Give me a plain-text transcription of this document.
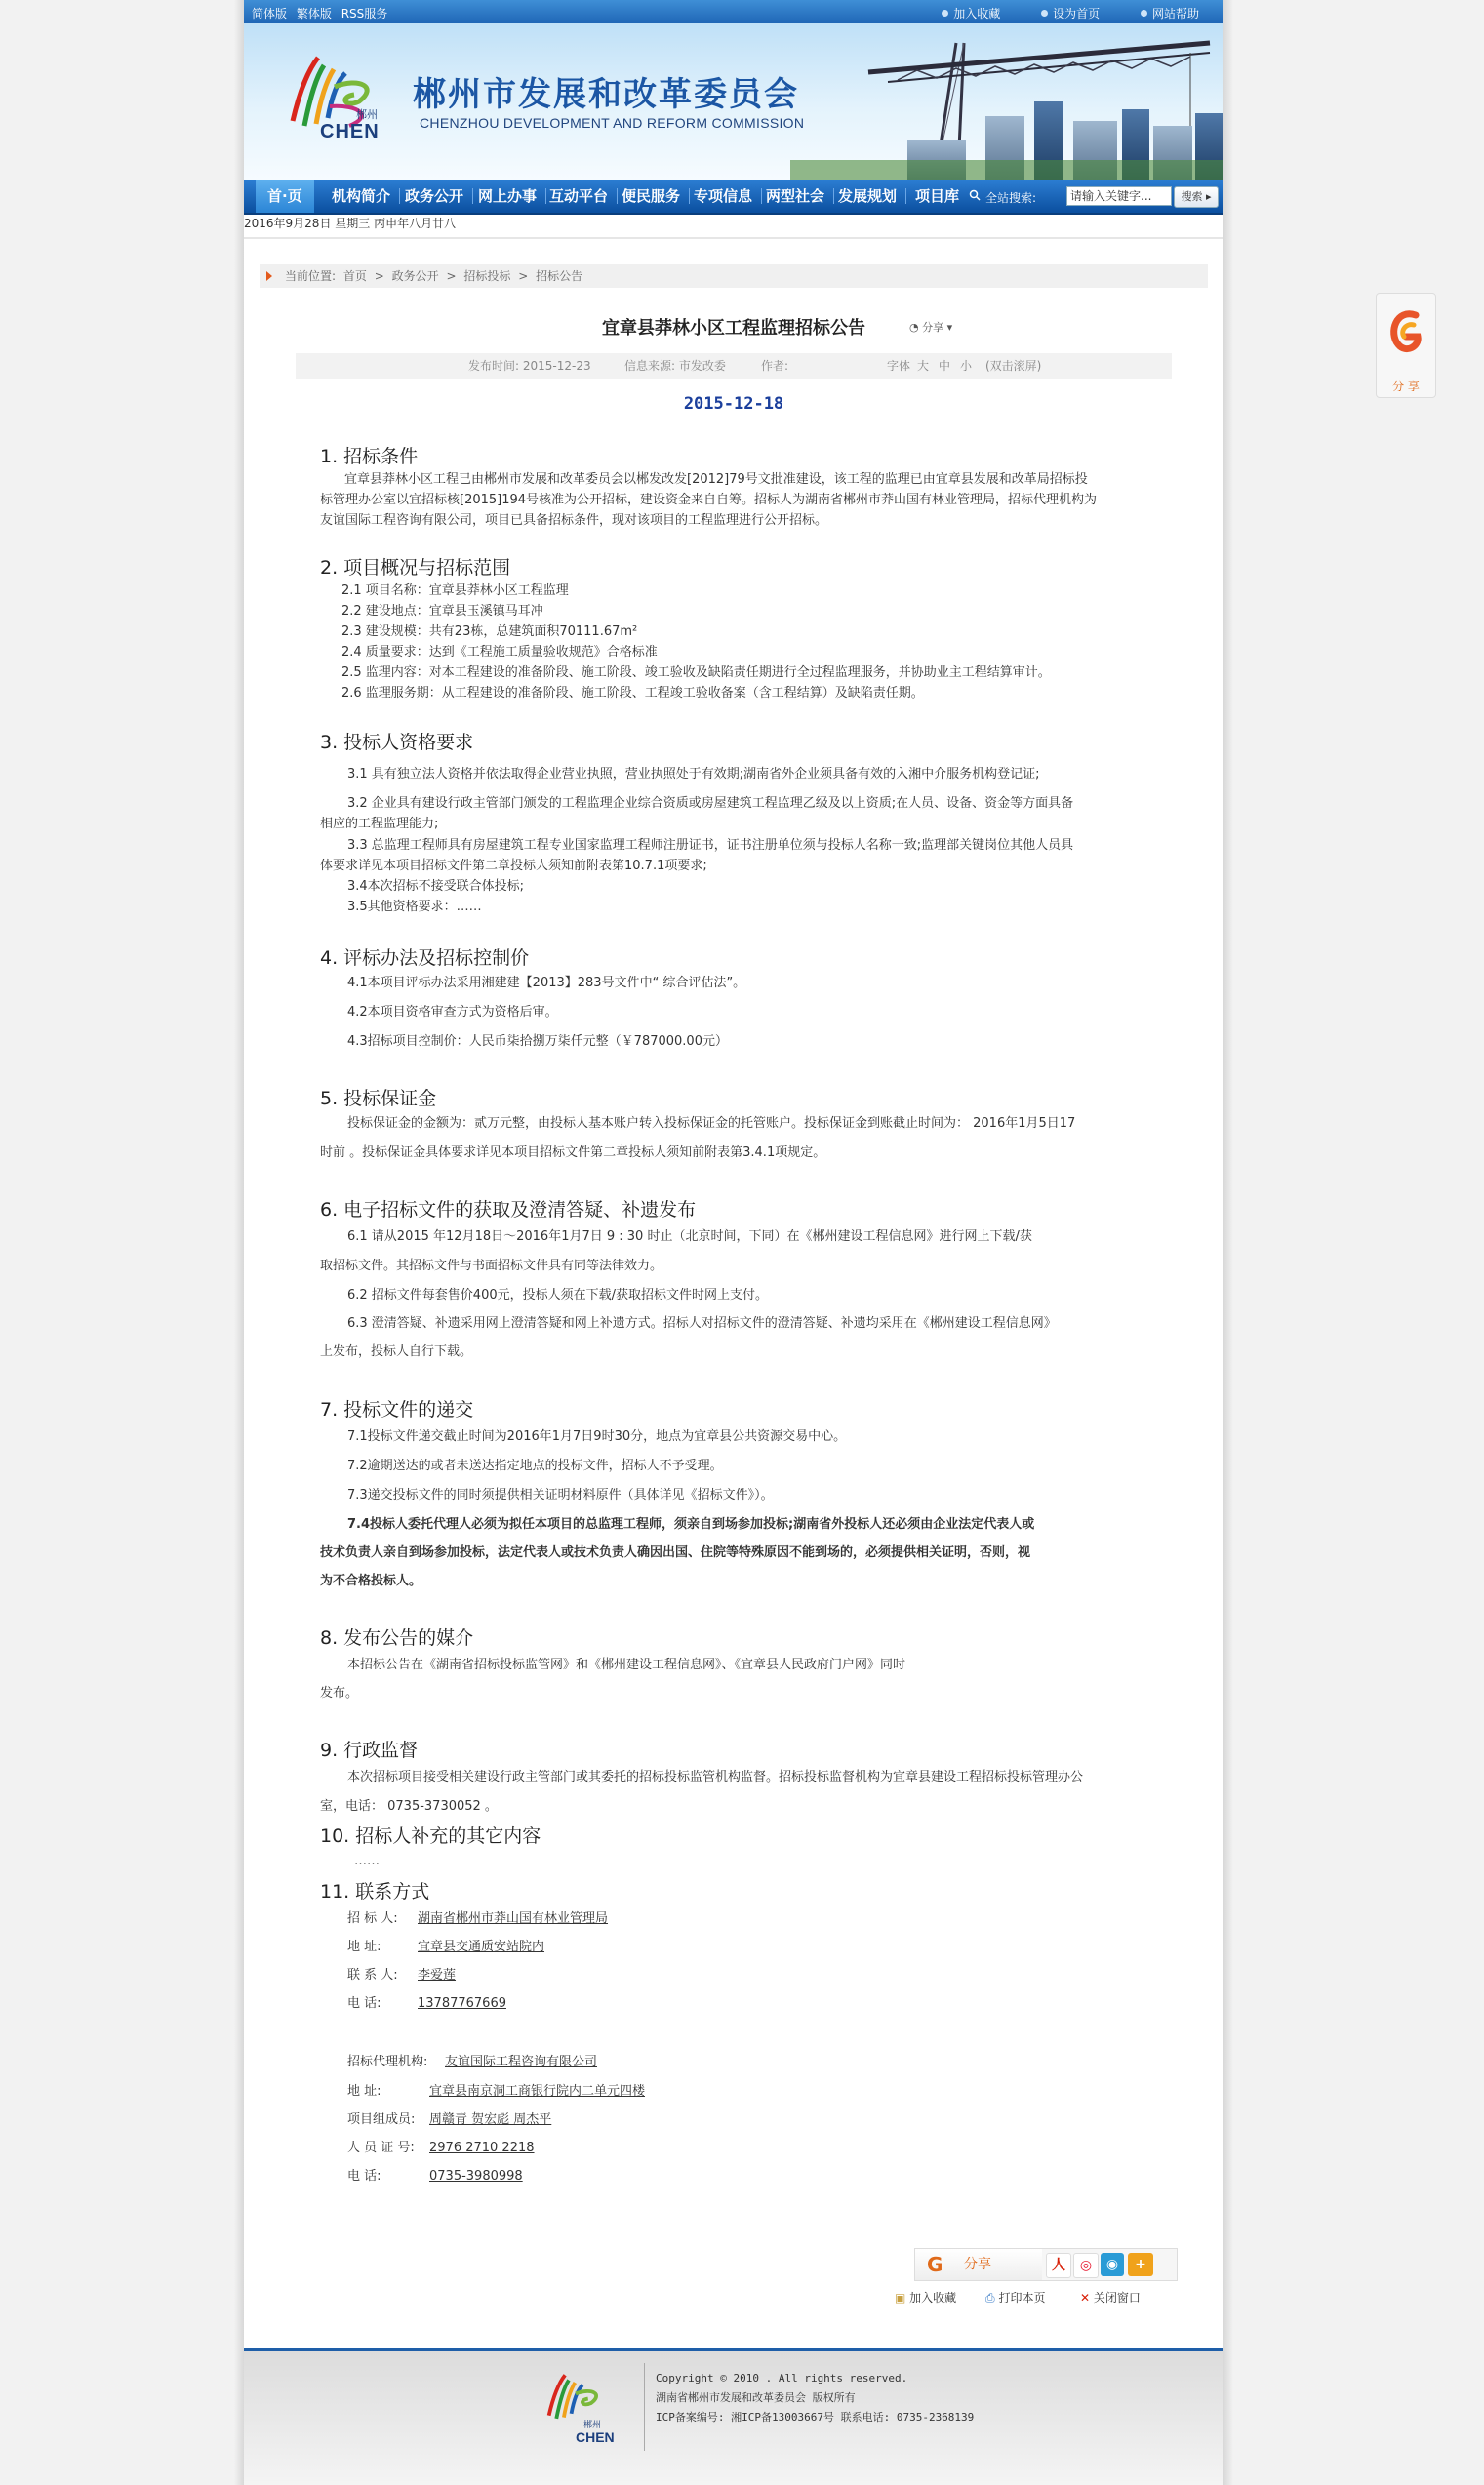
简体版 繁体版 RSS服务	加入收藏	设为首页	网站帮助
郴州
CHEN
郴州市发展和改革委员会
CHENZHOU DEVELOPMENT AND REFORM COMMISSION
首·页	机构简介 政务公开 网上办事 互动平台 便民服务 专项信息 两型社会 发展规划 项目库 全站搜索:	请输入关键字...	搜索 ▸
2016年9月28日 星期三 丙申年八月廿八
当前位置: 首页 > 政务公开 > 招标投标 > 招标公告
宜章县莽林小区工程监理招标公告	◔ 分享 ▾
发布时间: 2015-12-23	信息来源: 市发改委	作者:	字体 大 中 小 (双击滚屏)
2015-12-18
1. 招标条件
宜章县莽林小区工程已由郴州市发展和改革委员会以郴发改发[2012]79号文批准建设，该工程的监理已由宜章县发展和改革局招标投
标管理办公室以宜招标核[2015]194号核准为公开招标，建设资金来自自筹。招标人为湖南省郴州市莽山国有林业管理局，招标代理机构为
友谊国际工程咨询有限公司，项目已具备招标条件，现对该项目的工程监理进行公开招标。
2. 项目概况与招标范围
2.1 项目名称：宜章县莽林小区工程监理
2.2 建设地点：宜章县玉溪镇马耳冲
2.3 建设规模：共有23栋，总建筑面积70111.67m²
2.4 质量要求：达到《工程施工质量验收规范》合格标准
2.5 监理内容：对本工程建设的准备阶段、施工阶段、竣工验收及缺陷责任期进行全过程监理服务，并协助业主工程结算审计。
2.6 监理服务期：从工程建设的准备阶段、施工阶段、工程竣工验收备案（含工程结算）及缺陷责任期。
3. 投标人资格要求
3.1 具有独立法人资格并依法取得企业营业执照，营业执照处于有效期;湖南省外企业须具备有效的入湘中介服务机构登记证;
3.2 企业具有建设行政主管部门颁发的工程监理企业综合资质或房屋建筑工程监理乙级及以上资质;在人员、设备、资金等方面具备
相应的工程监理能力;
3.3 总监理工程师具有房屋建筑工程专业国家监理工程师注册证书，证书注册单位须与投标人名称一致;监理部关键岗位其他人员具
体要求详见本项目招标文件第二章投标人须知前附表第10.7.1项要求;
3.4本次招标不接受联合体投标;
3.5其他资格要求：……
4. 评标办法及招标控制价
4.1本项目评标办法采用湘建建【2013】283号文件中“ 综合评估法”。
4.2本项目资格审查方式为资格后审。
4.3招标项目控制价：人民币柒拾捌万柒仟元整（￥787000.00元）
5. 投标保证金
投标保证金的金额为：贰万元整，由投标人基本账户转入投标保证金的托管账户。投标保证金到账截止时间为： 2016年1月5日17
时前 。投标保证金具体要求详见本项目招标文件第二章投标人须知前附表第3.4.1项规定。
6. 电子招标文件的获取及澄清答疑、补遗发布
6.1 请从2015 年12月18日～2016年1月7日 9 : 30 时止（北京时间，下同）在《郴州建设工程信息网》进行网上下载/获
取招标文件。其招标文件与书面招标文件具有同等法律效力。
6.2 招标文件每套售价400元，投标人须在下载/获取招标文件时网上支付。
6.3 澄清答疑、补遗采用网上澄清答疑和网上补遗方式。招标人对招标文件的澄清答疑、补遗均采用在《郴州建设工程信息网》
上发布，投标人自行下载。
7. 投标文件的递交
7.1投标文件递交截止时间为2016年1月7日9时30分，地点为宜章县公共资源交易中心。
7.2逾期送达的或者未送达指定地点的投标文件，招标人不予受理。
7.3递交投标文件的同时须提供相关证明材料原件（具体详见《招标文件》）。
7.4投标人委托代理人必须为拟任本项目的总监理工程师，须亲自到场参加投标;湖南省外投标人还必须由企业法定代表人或
技术负责人亲自到场参加投标，法定代表人或技术负责人确因出国、住院等特殊原因不能到场的，必须提供相关证明，否则，视
为不合格投标人。
8. 发布公告的媒介
本招标公告在《湖南省招标投标监管网》和《郴州建设工程信息网》、《宜章县人民政府门户网》同时
发布。
9. 行政监督
本次招标项目接受相关建设行政主管部门或其委托的招标投标监管机构监督。招标投标监督机构为宜章县建设工程招标投标管理办公
室，电话： 0735-3730052 。
10. 招标人补充的其它内容
……
11. 联系方式
招 标 人: 湖南省郴州市莽山国有林业管理局
地 址:	宜章县交通质安站院内
联 系 人: 李爱莲
电 话:	13787767669
招标代理机构: 友谊国际工程咨询有限公司
地 址:	宜章县南京洞工商银行院内二单元四楼
项目组成员: 周赣青 贺宏彪 周杰平
人 员 证 号: 2976 2710 2218
电 话:	0735-3980998
G 分享	人	◎	◉	+
▣ 加入收藏 ⎙ 打印本页	✕ 关闭窗口
郴州
CHEN
Copyright © 2010 . All rights reserved.
湖南省郴州市发展和改革委员会 版权所有
ICP备案编号: 湘ICP备13003667号 联系电话: 0735-2368139
分 享
